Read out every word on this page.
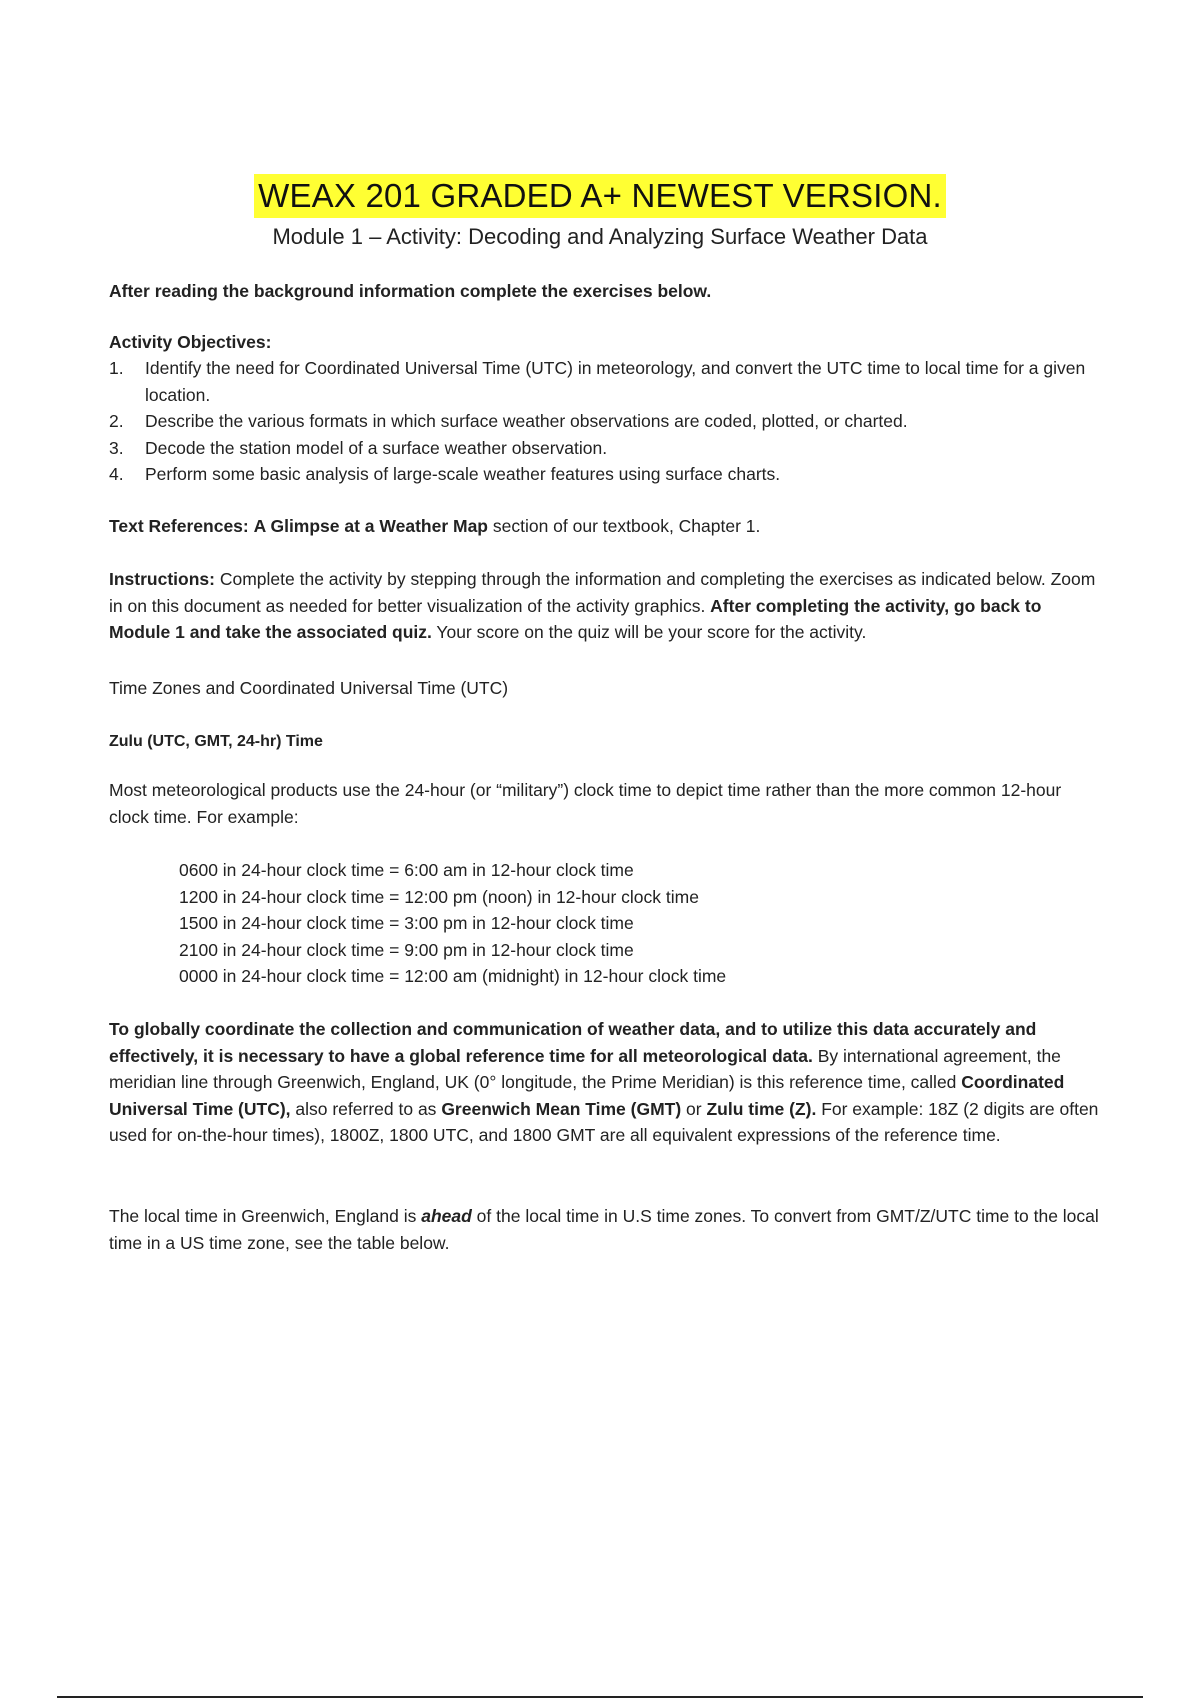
WEAX 201 GRADED A+ NEWEST VERSION.
Module 1 – Activity: Decoding and Analyzing Surface Weather Data
After reading the background information complete the exercises below.
Activity Objectives:
1. Identify the need for Coordinated Universal Time (UTC) in meteorology, and convert the UTC time to local time for a given location.
2. Describe the various formats in which surface weather observations are coded, plotted, or charted.
3. Decode the station model of a surface weather observation.
4. Perform some basic analysis of large-scale weather features using surface charts.
Text References: A Glimpse at a Weather Map section of our textbook, Chapter 1.
Instructions: Complete the activity by stepping through the information and completing the exercises as indicated below. Zoom in on this document as needed for better visualization of the activity graphics. After completing the activity, go back to Module 1 and take the associated quiz. Your score on the quiz will be your score for the activity.
Time Zones and Coordinated Universal Time (UTC)
Zulu (UTC, GMT, 24-hr) Time
Most meteorological products use the 24-hour (or “military”) clock time to depict time rather than the more common 12-hour clock time. For example:
0600 in 24-hour clock time = 6:00 am in 12-hour clock time
1200 in 24-hour clock time = 12:00 pm (noon) in 12-hour clock time
1500 in 24-hour clock time = 3:00 pm in 12-hour clock time
2100 in 24-hour clock time = 9:00 pm in 12-hour clock time
0000 in 24-hour clock time = 12:00 am (midnight) in 12-hour clock time
To globally coordinate the collection and communication of weather data, and to utilize this data accurately and effectively, it is necessary to have a global reference time for all meteorological data. By international agreement, the meridian line through Greenwich, England, UK (0° longitude, the Prime Meridian) is this reference time, called Coordinated Universal Time (UTC), also referred to as Greenwich Mean Time (GMT) or Zulu time (Z). For example: 18Z (2 digits are often used for on-the-hour times), 1800Z, 1800 UTC, and 1800 GMT are all equivalent expressions of the reference time.
The local time in Greenwich, England is ahead of the local time in U.S time zones. To convert from GMT/Z/UTC time to the local time in a US time zone, see the table below.
